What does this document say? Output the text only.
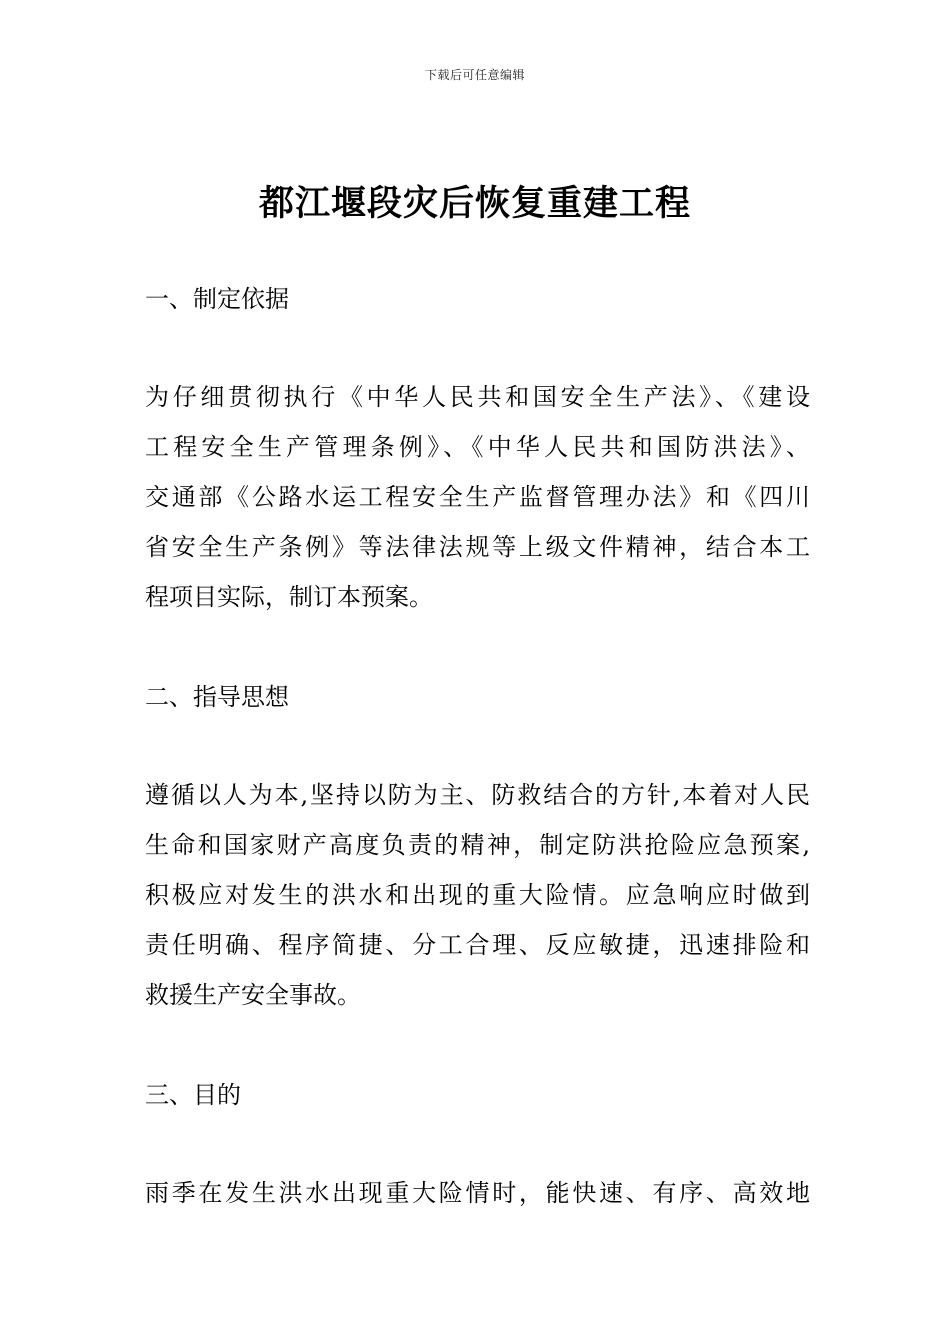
下载后可任意编辑
都江堰段灾后恢复重建工程
一、制定依据
为仔细贯彻执行《中华人民共和国安全生产法》、《建设
工程安全生产管理条例》、《中华人民共和国防洪法》、
交通部《公路水运工程安全生产监督管理办法》和《四川
省安全生产条例》等法律法规等上级文件精神，结合本工
程项目实际，制订本预案。
二、指导思想
遵循以人为本,坚持以防为主、防救结合的方针,本着对人民
生命和国家财产高度负责的精神，制定防洪抢险应急预案,
积极应对发生的洪水和出现的重大险情。应急响应时做到
责任明确、程序简捷、分工合理、反应敏捷，迅速排险和
救援生产安全事故。
三、目的
雨季在发生洪水出现重大险情时，能快速、有序、高效地
